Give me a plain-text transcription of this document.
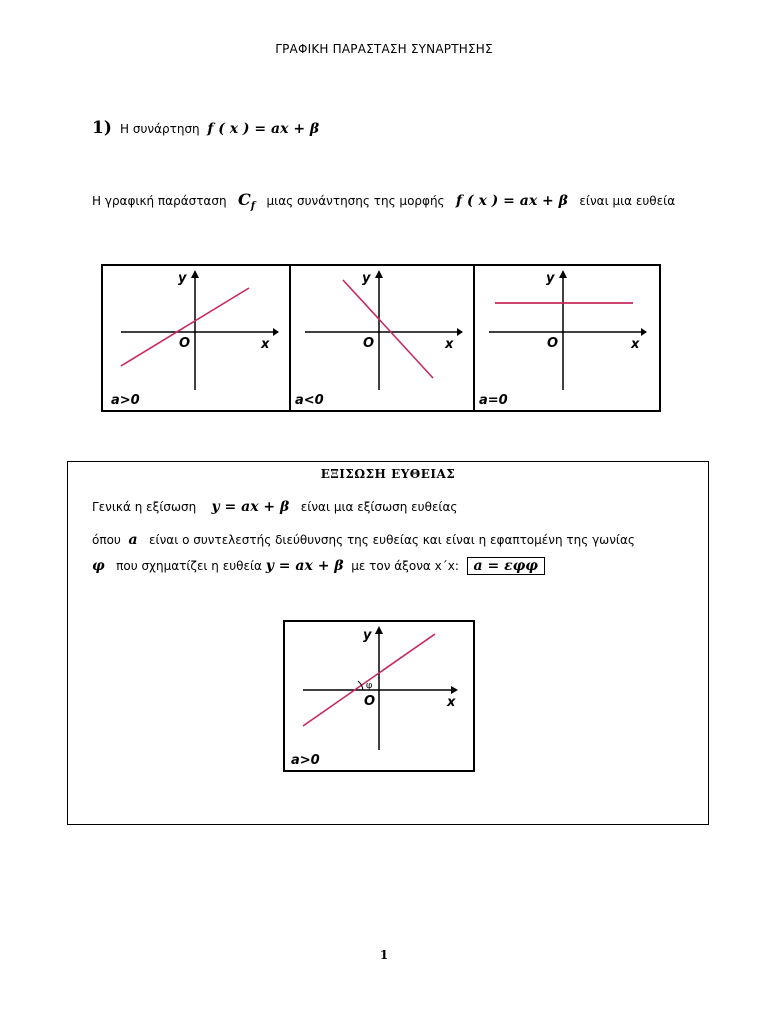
ΓΡΑΦΙΚΗ ΠΑΡΑΣΤΑΣΗ ΣΥΝΑΡΤΗΣΗΣ
1) Η συνάρτηση f ( x ) = ax + β
Η γραφική παράσταση $C_f$ μιας συνάντησης της μορφής f ( x ) = ax + β είναι μια ευθεία
y
x
O
a>0
y
x
O
a<0
y
x
O
a=0
ΕΞΙΣΩΣΗ ΕΥΘΕΙΑΣ
Γενικά η εξίσωση y = ax + β είναι μια εξίσωση ευθείας
όπου a είναι ο συντελεστής διεύθυνσης της ευθείας και είναι η εφαπτομένη της γωνίας
φ που σχηματίζει η ευθεία y = ax + β με τον άξονα x΄x: a = εφφ
φ
y
x
O
a>0
1
